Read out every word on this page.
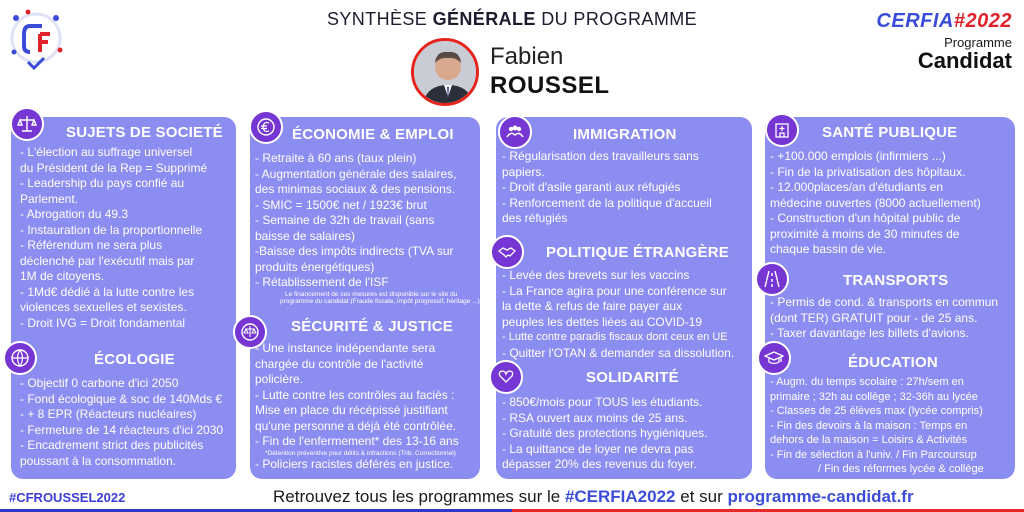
SYNTHÈSE GÉNÉRALE DU PROGRAMME
Fabien
ROUSSEL
CERFIA#2022
Programme
Candidat
SUJETS DE SOCIETÉ
- L'élection au suffrage universel
du Président de la Rep = Supprimé
- Leadership du pays confié au
Parlement.
- Abrogation du 49.3
- Instauration de la proportionnelle
- Référendum ne sera plus
déclenché par l'exécutif mais par
1M de citoyens.
- 1Md€ dédié à la lutte contre les
violences sexuelles et sexistes.
- Droit IVG = Droit fondamental
ÉCOLOGIE
- Objectif 0 carbone d'ici 2050
- Fond écologique & soc de 140Mds €
- + 8 EPR (Réacteurs nucléaires)
- Fermeture de 14 réacteurs d'ici 2030
- Encadrement strict des publicités
poussant à la consommation.
ÉCONOMIE & EMPLOI
- Retraite à 60 ans (taux plein)
- Augmentation générale des salaires,
des minimas sociaux & des pensions.
- SMIC = 1500€ net / 1923€ brut
- Semaine de 32h de travail (sans
baisse de salaires)
-Baisse des impôts indirects (TVA sur
produits énergétiques)
- Rétablissement de l'ISF
Le financement de ces mesures est disponible sur le site du
programme du candidat (Fraude fiscale, impôt progressif, héritage ...)
SÉCURITÉ & JUSTICE
- Une instance indépendante sera
chargée du contrôle de l'activité
policière.
- Lutte contre les contrôles au faciès :
Mise en place du récépissé justifiant
qu'une personne a déjà été contrôlée.
- Fin de l'enfermement* des 13-16 ans
*Détention préventive pour délits & infractions (Trib. Correctionnel)
- Policiers racistes déférés en justice.
IMMIGRATION
- Régularisation des travailleurs sans
papiers.
- Droit d'asile garanti aux réfugiés
- Renforcement de la politique d'accueil
des réfugiés
POLITIQUE ÉTRANGÈRE
- Levée des brevets sur les vaccins
- La France agira pour une conférence sur
la dette & refus de faire payer aux
peuples les dettes liées au COVID-19
- Lutte contre paradis fiscaux dont ceux en UE
- Quitter l'OTAN & demander sa dissolution.
SOLIDARITÉ
- 850€/mois pour TOUS les étudiants.
- RSA ouvert aux moins de 25 ans.
- Gratuité des protections hygiéniques.
- La quittance de loyer ne devra pas
dépasser 20% des revenus du foyer.
SANTÉ PUBLIQUE
- +100.000 emplois (infirmiers ...)
- Fin de la privatisation des hôpitaux.
- 12.000places/an d'étudiants en
médecine ouvertes (8000 actuellement)
- Construction d'un hôpital public de
proximité à moins de 30 minutes de
chaque bassin de vie.
TRANSPORTS
- Permis de cond. & transports en commun
(dont TER) GRATUIT pour - de 25 ans.
- Taxer davantage les billets d'avions.
ÉDUCATION
- Augm. du temps scolaire : 27h/sem en
primaire ; 32h au collège ; 32-36h au lycée
- Classes de 25 élèves max (lycée compris)
- Fin des devoirs à la maison : Temps en
dehors de la maison = Loisirs & Activités
- Fin de sélection à l'univ. / Fin Parcoursup
/ Fin des réformes lycée & collège
#CFROUSSEL2022	Retrouvez tous les programmes sur le #CERFIA2022 et sur programme-candidat.fr
